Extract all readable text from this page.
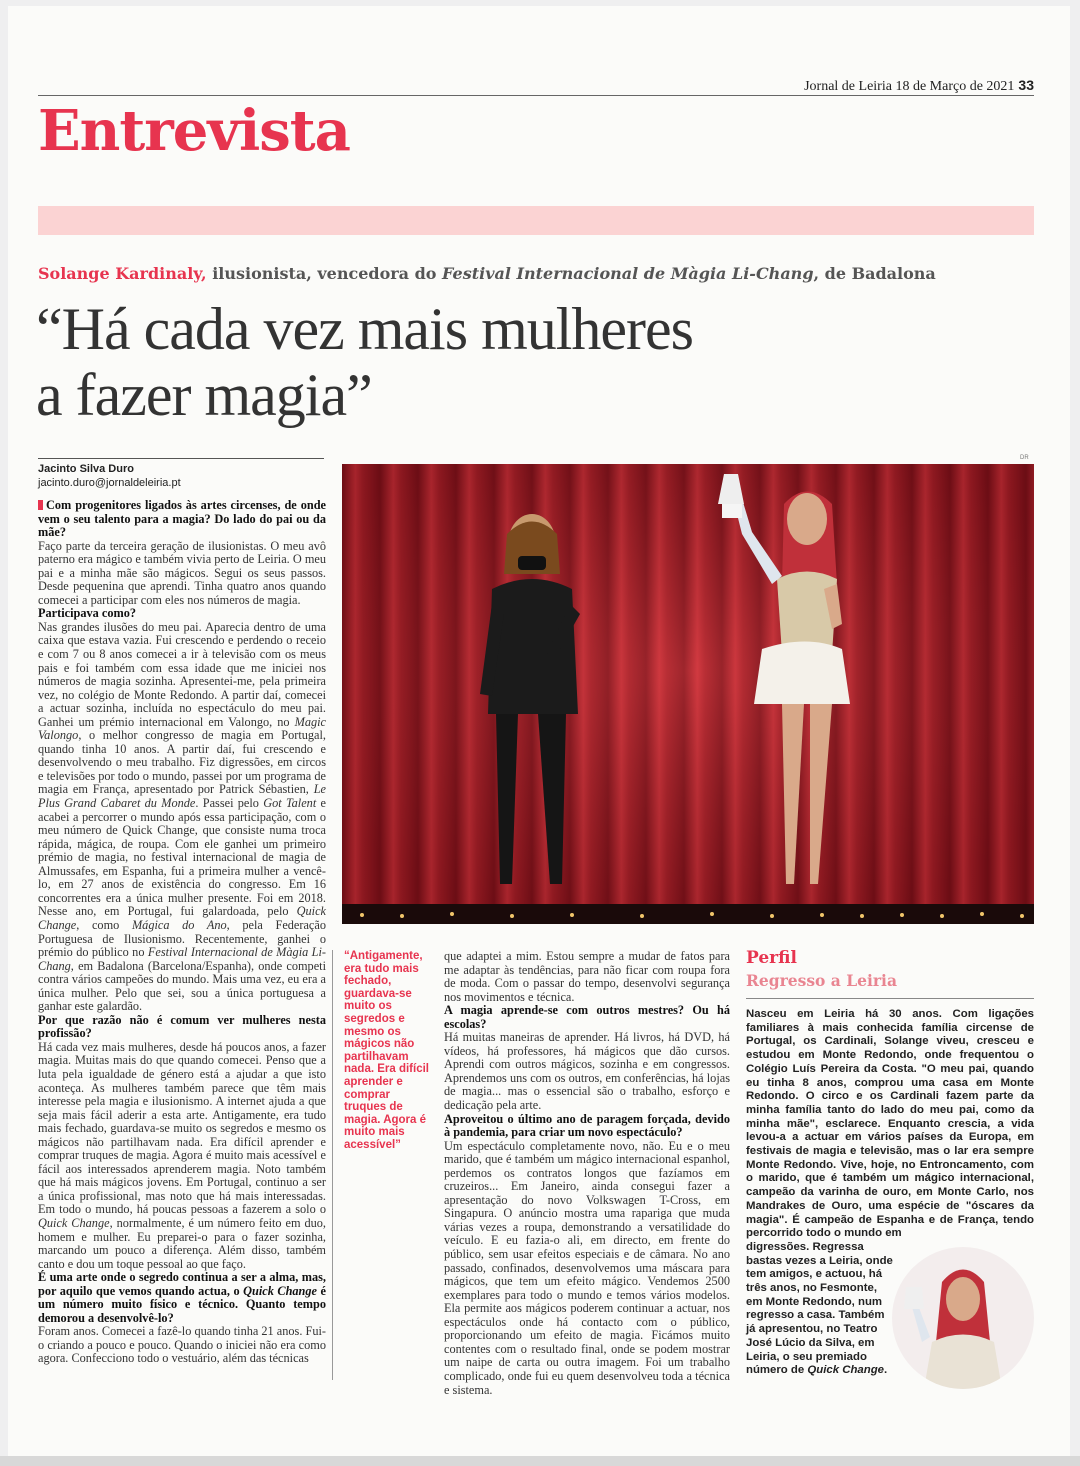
Jornal de Leiria 18 de Março de 2021 33
Entrevista
Solange Kardinaly, ilusionista, vencedora do Festival Internacional de Màgia Li-Chang, de Badalona
“Há cada vez mais mulheres
a fazer magia”
Jacinto Silva Duro
jacinto.duro@jornaldeleiria.pt

Com progenitores ligados às artes circenses, de onde vem o seu talento para a magia? Do lado do pai ou da mãe?

Faço parte da terceira geração de ilusionistas. O meu avô paterno era mágico e também vivia perto de Leiria. O meu pai e a minha mãe são mágicos. Segui os seus passos. Desde pequenina que aprendi. Tinha quatro anos quando comecei a participar com eles nos números de magia.

Participava como?

Nas grandes ilusões do meu pai. Aparecia dentro de uma caixa que estava vazia. Fui crescendo e perdendo o receio e com 7 ou 8 anos comecei a ir à televisão com os meus pais e foi também com essa idade que me iniciei nos números de magia sozinha. Apresentei-me, pela primeira vez, no colégio de Monte Redondo. A partir daí, comecei a actuar sozinha, incluída no espectáculo do meu pai. Ganhei um prémio internacional em Valongo, no Magic Valongo, o melhor congresso de magia em Portugal, quando tinha 10 anos. A partir daí, fui crescendo e desenvolvendo o meu trabalho. Fiz digressões, em circos e televisões por todo o mundo, passei por um programa de magia em França, apresentado por Patrick Sébastien, Le Plus Grand Cabaret du Monde. Passei pelo Got Talent e acabei a percorrer o mundo após essa participação, com o meu número de Quick Change, que consiste numa troca rápida, mágica, de roupa. Com ele ganhei um primeiro prémio de magia, no festival internacional de magia de Almussafes, em Espanha, fui a primeira mulher a vencê-lo, em 27 anos de existência do congresso. Em 16 concorrentes era a única mulher presente. Foi em 2018. Nesse ano, em Portugal, fui galardoada, pelo Quick Change, como Mágica do Ano, pela Federação Portuguesa de Ilusionismo. Recentemente, ganhei o prémio do público no Festival Internacional de Màgia Li-Chang, em Badalona (Barcelona/Espanha), onde competi contra vários campeões do mundo. Mais uma vez, eu era a única mulher. Pelo que sei, sou a única portuguesa a ganhar este galardão.

Por que razão não é comum ver mulheres nesta profissão?

Há cada vez mais mulheres, desde há poucos anos, a fazer magia. Muitas mais do que quando comecei. Penso que a luta pela igualdade de género está a ajudar a que isto aconteça. As mulheres também parece que têm mais interesse pela magia e ilusionismo. A internet ajuda a que seja mais fácil aderir a esta arte. Antigamente, era tudo mais fechado, guardava-se muito os segredos e mesmo os mágicos não partilhavam nada. Era difícil aprender e comprar truques de magia. Agora é muito mais acessível e fácil aos interessados aprenderem magia. Noto também que há mais mágicos jovens. Em Portugal, continuo a ser a única profissional, mas noto que há mais interessadas. Em todo o mundo, há poucas pessoas a fazerem a solo o Quick Change, normalmente, é um número feito em duo, homem e mulher. Eu preparei-o para o fazer sozinha, marcando um pouco a diferença. Além disso, também canto e dou um toque pessoal ao que faço.

É uma arte onde o segredo continua a ser a alma, mas, por aquilo que vemos quando actua, o Quick Change é um número muito físico e técnico. Quanto tempo demorou a desenvolvê-lo?

Foram anos. Comecei a fazê-lo quando tinha 21 anos. Fui-o criando a pouco e pouco. Quando o iniciei não era como agora. Confecciono todo o vestuário, além das técnicas

DR
“Antigamente, era tudo mais fechado, guardava-se muito os segredos e mesmo os mágicos não partilhavam nada. Era difícil aprender e comprar truques de magia. Agora é muito mais acessível”

que adaptei a mim. Estou sempre a mudar de fatos para me adaptar às tendências, para não ficar com roupa fora de moda. Com o passar do tempo, desenvolvi segurança nos movimentos e técnica.

A magia aprende-se com outros mestres? Ou há escolas?

Há muitas maneiras de aprender. Há livros, há DVD, há vídeos, há professores, há mágicos que dão cursos. Aprendi com outros mágicos, sozinha e em congressos. Aprendemos uns com os outros, em conferências, há lojas de magia... mas o essencial são o trabalho, esforço e dedicação pela arte.

Aproveitou o último ano de paragem forçada, devido à pandemia, para criar um novo espectáculo?

Um espectáculo completamente novo, não. Eu e o meu marido, que é também um mágico internacional espanhol, perdemos os contratos longos que fazíamos em cruzeiros... Em Janeiro, ainda consegui fazer a apresentação do novo Volkswagen T-Cross, em Singapura. O anúncio mostra uma rapariga que muda várias vezes a roupa, demonstrando a versatilidade do veículo. E eu fazia-o ali, em directo, em frente do público, sem usar efeitos especiais e de câmara. No ano passado, confinados, desenvolvemos uma máscara para mágicos, que tem um efeito mágico. Vendemos 2500 exemplares para todo o mundo e temos vários modelos. Ela permite aos mágicos poderem continuar a actuar, nos espectáculos onde há contacto com o público, proporcionando um efeito de magia. Ficámos muito contentes com o resultado final, onde se podem mostrar um naipe de carta ou outra imagem. Foi um trabalho complicado, onde fui eu quem desenvolveu toda a técnica e sistema.

Perfil
Regresso a Leiria
Nasceu em Leiria há 30 anos. Com ligações familiares à mais conhecida família circense de Portugal, os Cardinali, Solange viveu, cresceu e estudou em Monte Redondo, onde frequentou o Colégio Luís Pereira da Costa. "O meu pai, quando eu tinha 8 anos, comprou uma casa em Monte Redondo. O circo e os Cardinali fazem parte da minha família tanto do lado do meu pai, como da minha mãe", esclarece. Enquanto crescia, a vida levou-a a actuar em vários países da Europa, em festivais de magia e televisão, mas o lar era sempre Monte Redondo. Vive, hoje, no Entroncamento, com o marido, que é também um mágico internacional, campeão da varinha de ouro, em Monte Carlo, nos Mandrakes de Ouro, uma espécie de "óscares da magia". É campeão de Espanha e de França, tendo percorrido todo o mundo em
digressões. Regressa bastas vezes a Leiria, onde tem amigos, e actuou, há três anos, no Fesmonte, em Monte Redondo, num regresso a casa. Também já apresentou, no Teatro José Lúcio da Silva, em Leiria, o seu premiado número de Quick Change.
